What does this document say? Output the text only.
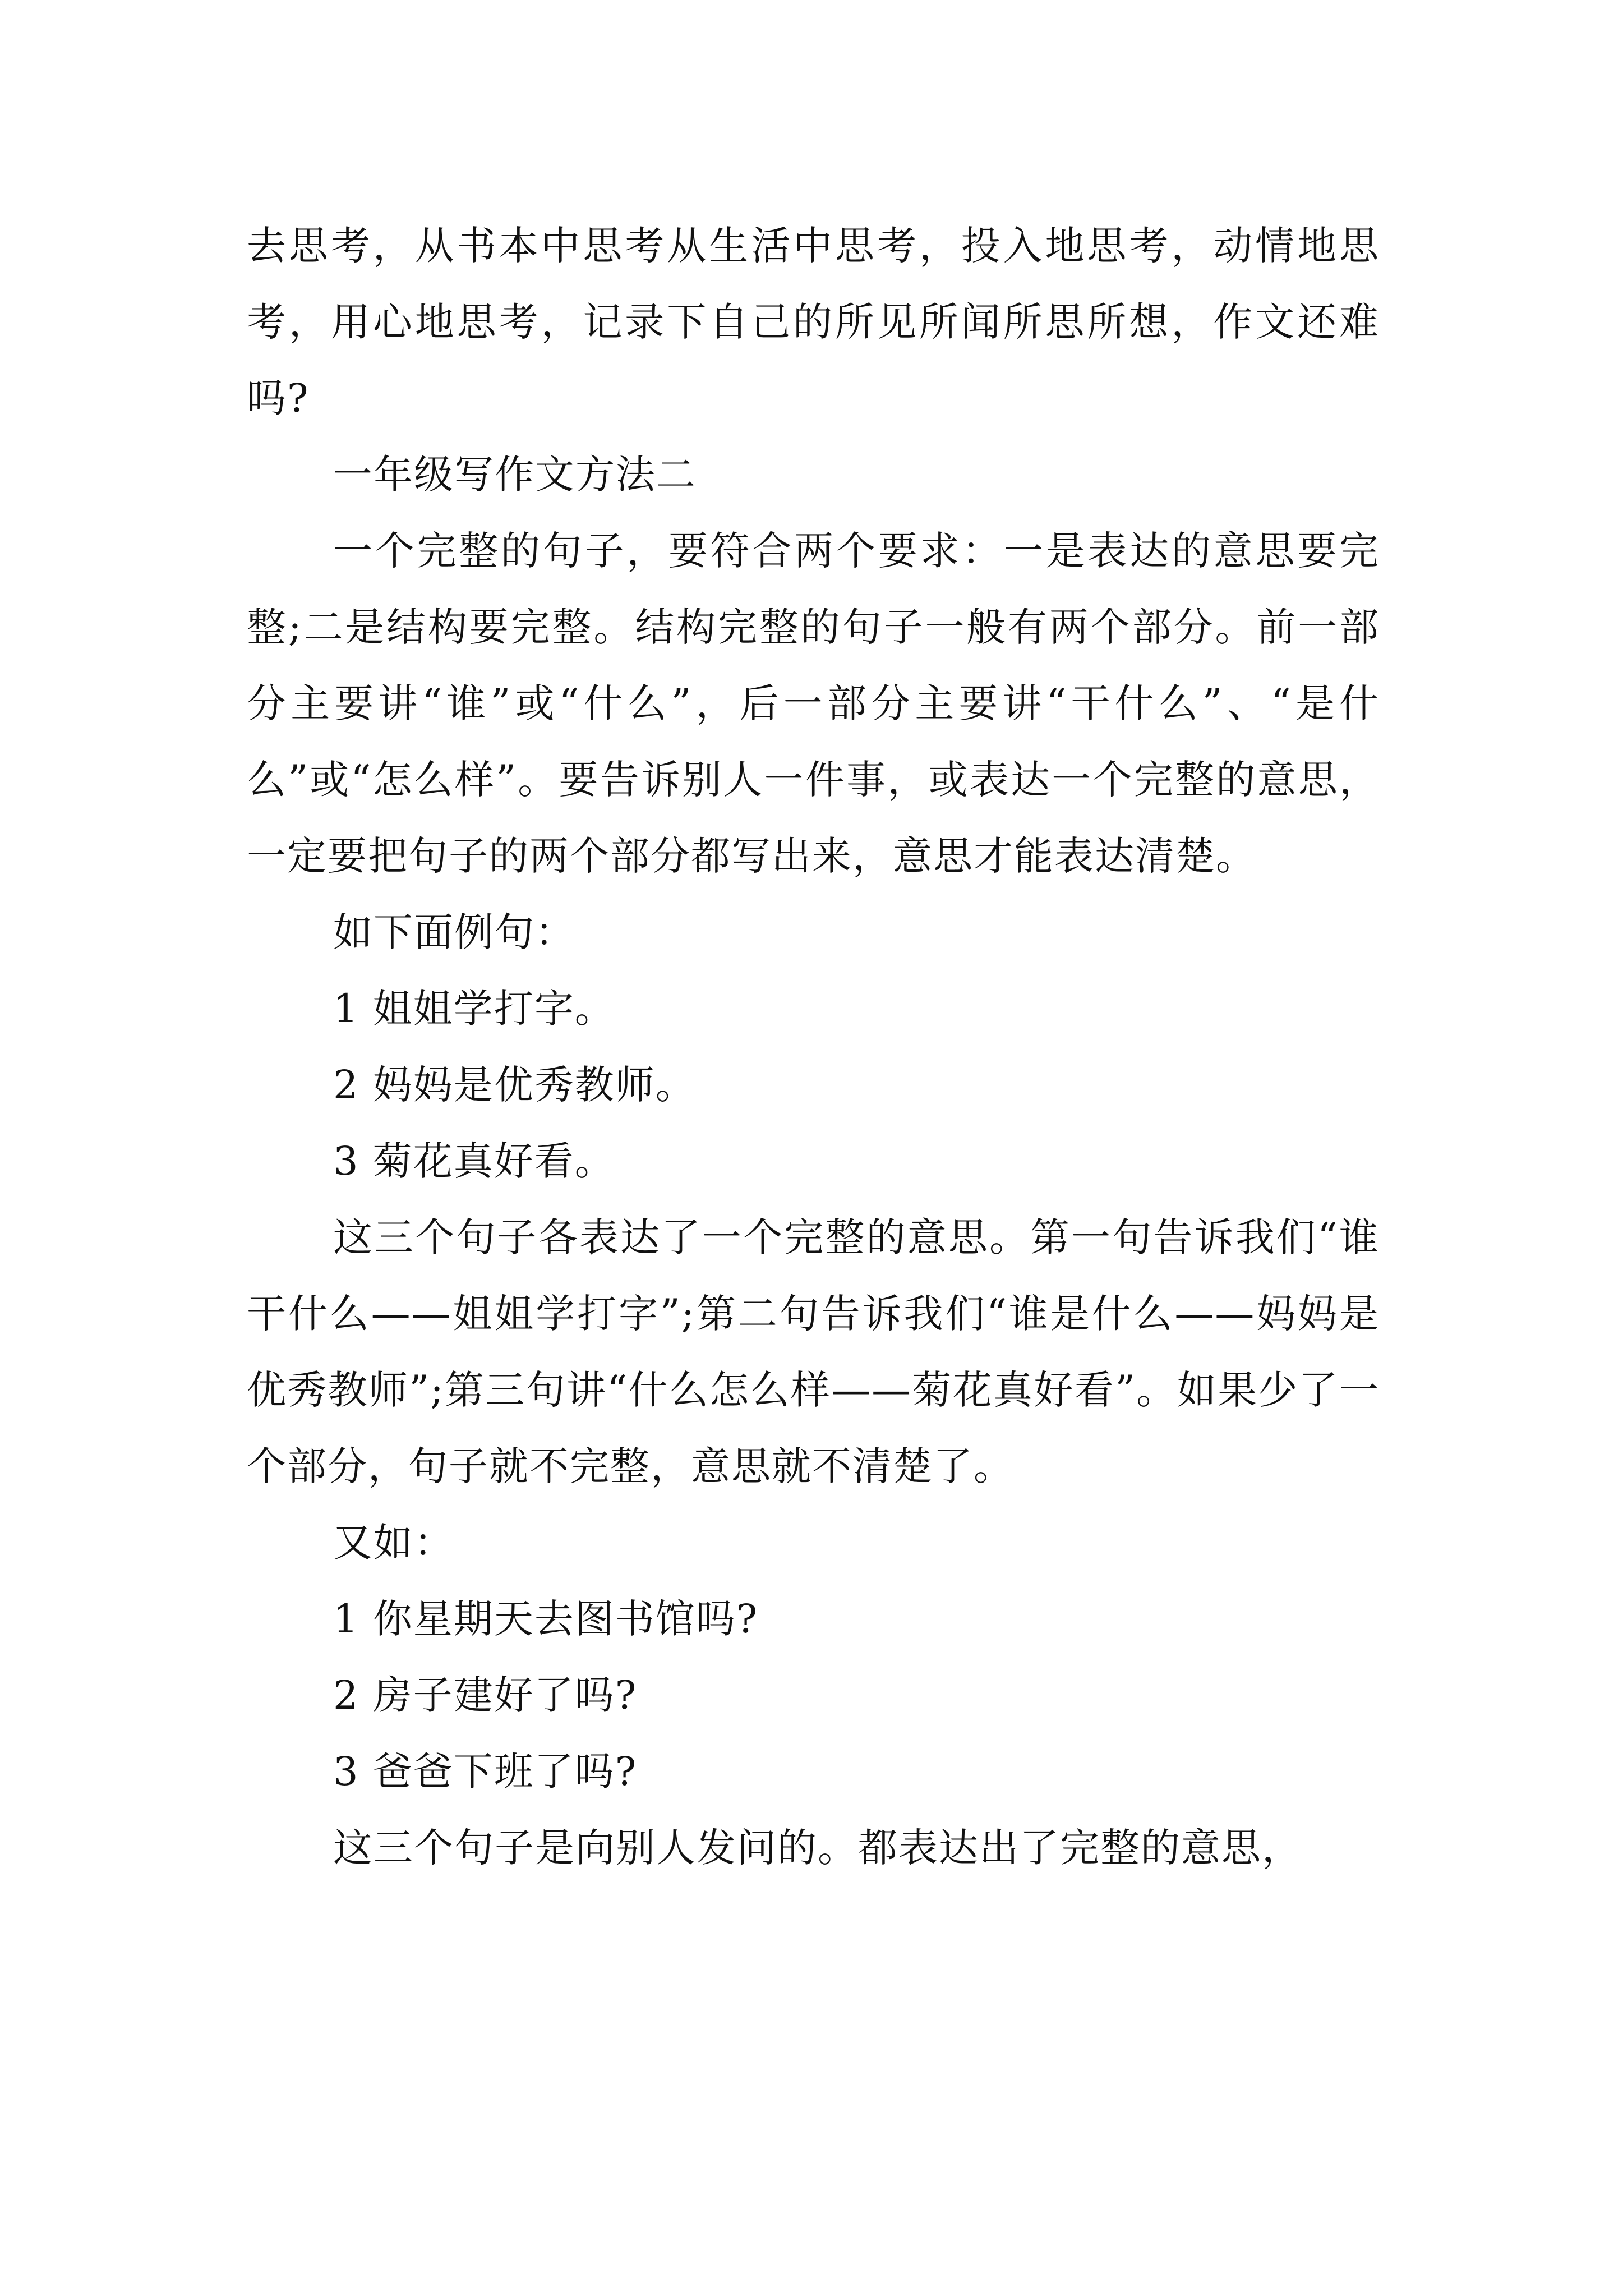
去思考，从书本中思考从生活中思考，投入地思考，动情地思考，用心地思考，记录下自己的所见所闻所思所想，作文还难吗?

一年级写作文方法二

一个完整的句子，要符合两个要求：一是表达的意思要完整;二是结构要完整。结构完整的句子一般有两个部分。前一部分主要讲“谁”或“什么”，后一部分主要讲“干什么”、“是什么”或“怎么样”。要告诉别人一件事，或表达一个完整的意思，一定要把句子的两个部分都写出来，意思才能表达清楚。

如下面例句：

1 姐姐学打字。

2 妈妈是优秀教师。

3 菊花真好看。

这三个句子各表达了一个完整的意思。第一句告诉我们“谁干什么——姐姐学打字”;第二句告诉我们“谁是什么——妈妈是优秀教师”;第三句讲“什么怎么样——菊花真好看”。如果少了一个部分，句子就不完整，意思就不清楚了。

又如：

1 你星期天去图书馆吗?

2 房子建好了吗?

3 爸爸下班了吗?

这三个句子是向别人发问的。都表达出了完整的意思，
